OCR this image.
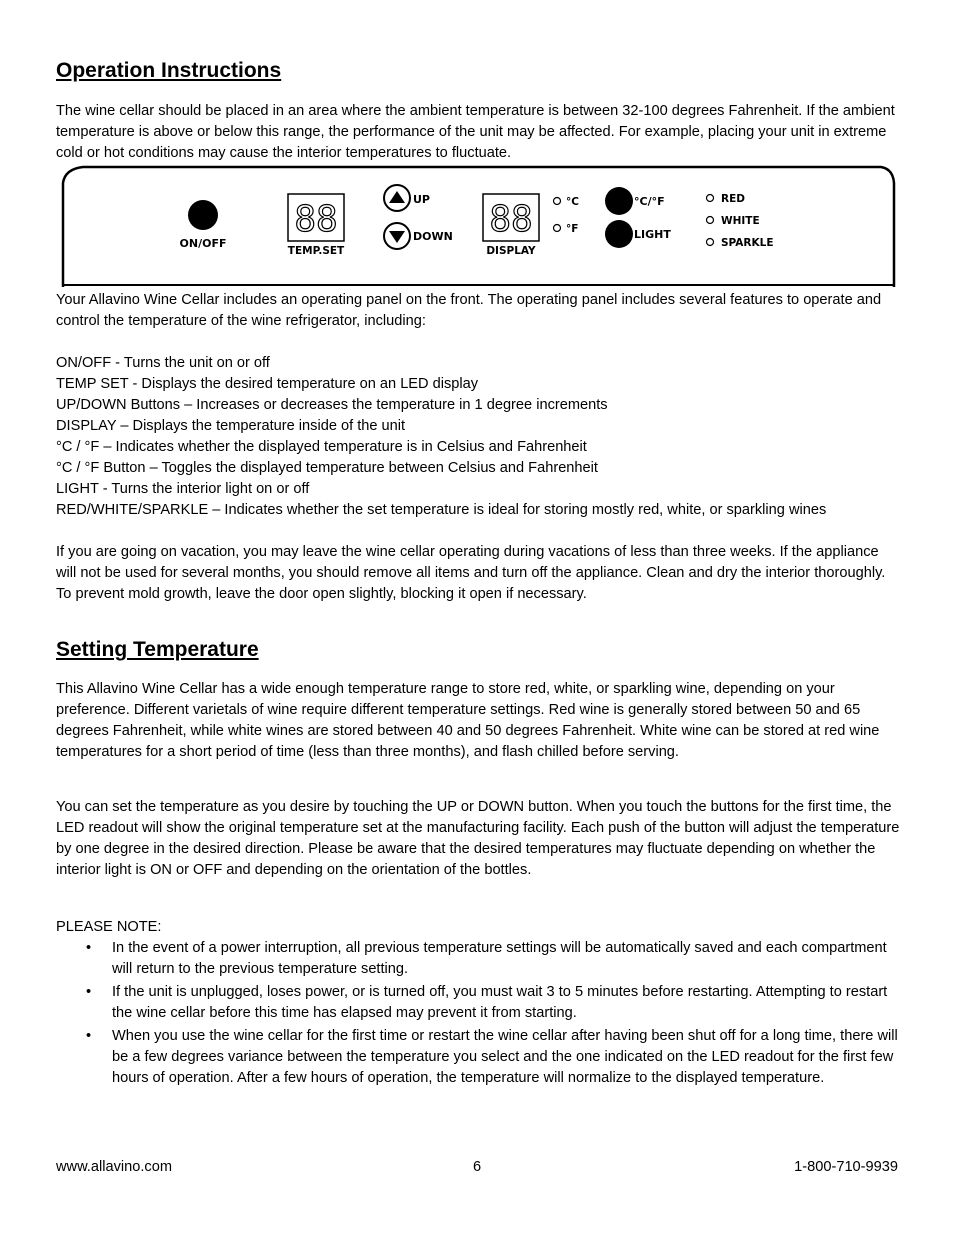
Operation Instructions

The wine cellar should be placed in an area where the ambient temperature is between 32-100 degrees Fahrenheit. If the ambient temperature is above or below this range, the performance of the unit may be affected. For example, placing your unit in extreme cold or hot conditions may cause the interior temperatures to fluctuate.

ON/OFF
88
TEMP.SET
UP
DOWN 88
DISPLAY
°C
°F
°C/°F
LIGHT
RED
WHITE
SPARKLE

Your Allavino Wine Cellar includes an operating panel on the front. The operating panel includes several features to operate and control the temperature of the wine refrigerator, including:

ON/OFF - Turns the unit on or off
TEMP SET - Displays the desired temperature on an LED display
UP/DOWN Buttons – Increases or decreases the temperature in 1 degree increments
DISPLAY – Displays the temperature inside of the unit
°C / °F – Indicates whether the displayed temperature is in Celsius and Fahrenheit
°C / °F Button – Toggles the displayed temperature between Celsius and Fahrenheit
LIGHT - Turns the interior light on or off
RED/WHITE/SPARKLE – Indicates whether the set temperature is ideal for storing mostly red, white, or sparkling wines

If you are going on vacation, you may leave the wine cellar operating during vacations of less than three weeks. If the appliance will not be used for several months, you should remove all items and turn off the appliance. Clean and dry the interior thoroughly. To prevent mold growth, leave the door open slightly, blocking it open if necessary.

Setting Temperature

This Allavino Wine Cellar has a wide enough temperature range to store red, white, or sparkling wine, depending on your preference. Different varietals of wine require different temperature settings. Red wine is generally stored between 50 and 65 degrees Fahrenheit, while white wines are stored between 40 and 50 degrees Fahrenheit. White wine can be stored at red wine temperatures for a short period of time (less than three months), and flash chilled before serving.

You can set the temperature as you desire by touching the UP or DOWN button. When you touch the buttons for the first time, the LED readout will show the original temperature set at the manufacturing facility. Each push of the button will adjust the temperature by one degree in the desired direction. Please be aware that the desired temperatures may fluctuate depending on whether the interior light is ON or OFF and depending on the orientation of the bottles.

PLEASE NOTE:

• In the event of a power interruption, all previous temperature settings will be automatically saved and each compartment will return to the previous temperature setting.
• If the unit is unplugged, loses power, or is turned off, you must wait 3 to 5 minutes before restarting. Attempting to restart the wine cellar before this time has elapsed may prevent it from starting.
• When you use the wine cellar for the first time or restart the wine cellar after having been shut off for a long time, there will be a few degrees variance between the temperature you select and the one indicated on the LED readout for the first few hours of operation. After a few hours of operation, the temperature will normalize to the displayed temperature.
www.allavino.com	6	1-800-710-9939
